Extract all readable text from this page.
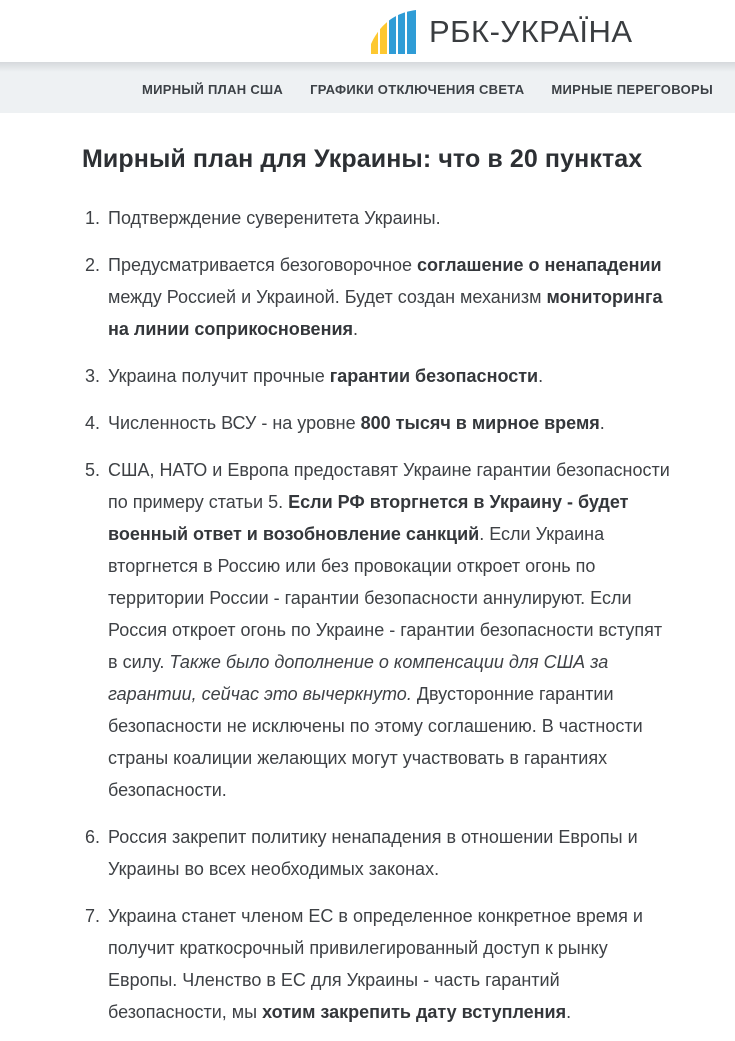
РБК-УКРАЇНА
МИРНЫЙ ПЛАН США ГРАФИКИ ОТКЛЮЧЕНИЯ СВЕТА МИРНЫЕ ПЕРЕГОВОРЫ
Мирный план для Украины: что в 20 пунктах
1. Подтверждение суверенитета Украины.
2. Предусматривается безоговорочное соглашение о ненападении между Россией и Украиной. Будет создан механизм мониторинга на линии соприкосновения.
3. Украина получит прочные гарантии безопасности.
4. Численность ВСУ - на уровне 800 тысяч в мирное время.
5. США, НАТО и Европа предоставят Украине гарантии безопасности по примеру статьи 5. Если РФ вторгнется в Украину - будет военный ответ и возобновление санкций. Если Украина вторгнется в Россию или без провокации откроет огонь по территории России - гарантии безопасности аннулируют. Если Россия откроет огонь по Украине - гарантии безопасности вступят в силу. Также было дополнение о компенсации для США за гарантии, сейчас это вычеркнуто. Двусторонние гарантии безопасности не исключены по этому соглашению. В частности страны коалиции желающих могут участвовать в гарантиях безопасности.
6. Россия закрепит политику ненападения в отношении Европы и Украины во всех необходимых законах.
7. Украина станет членом ЕС в определенное конкретное время и получит краткосрочный привилегированный доступ к рынку Европы. Членство в ЕС для Украины - часть гарантий безопасности, мы хотим закрепить дату вступления.
